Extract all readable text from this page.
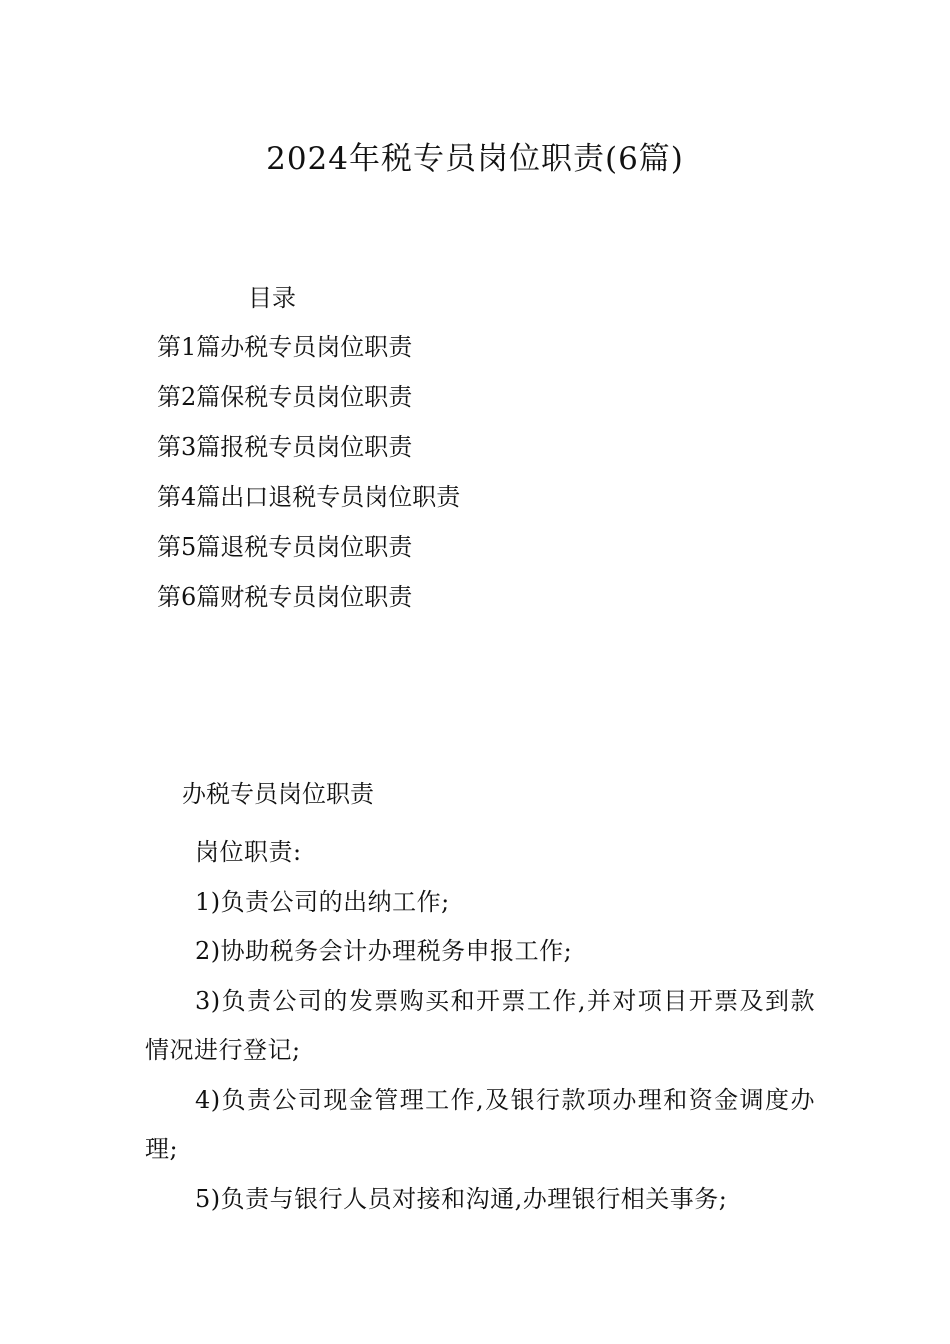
2024年税专员岗位职责(6篇)
目录
第1篇办税专员岗位职责
第2篇保税专员岗位职责
第3篇报税专员岗位职责
第4篇出口退税专员岗位职责
第5篇退税专员岗位职责
第6篇财税专员岗位职责
办税专员岗位职责

岗位职责:

1)负责公司的出纳工作;

2)协助税务会计办理税务申报工作;

3)负责公司的发票购买和开票工作,并对项目开票及到款情况进行登记;

4)负责公司现金管理工作,及银行款项办理和资金调度办理;

5)负责与银行人员对接和沟通,办理银行相关事务;
